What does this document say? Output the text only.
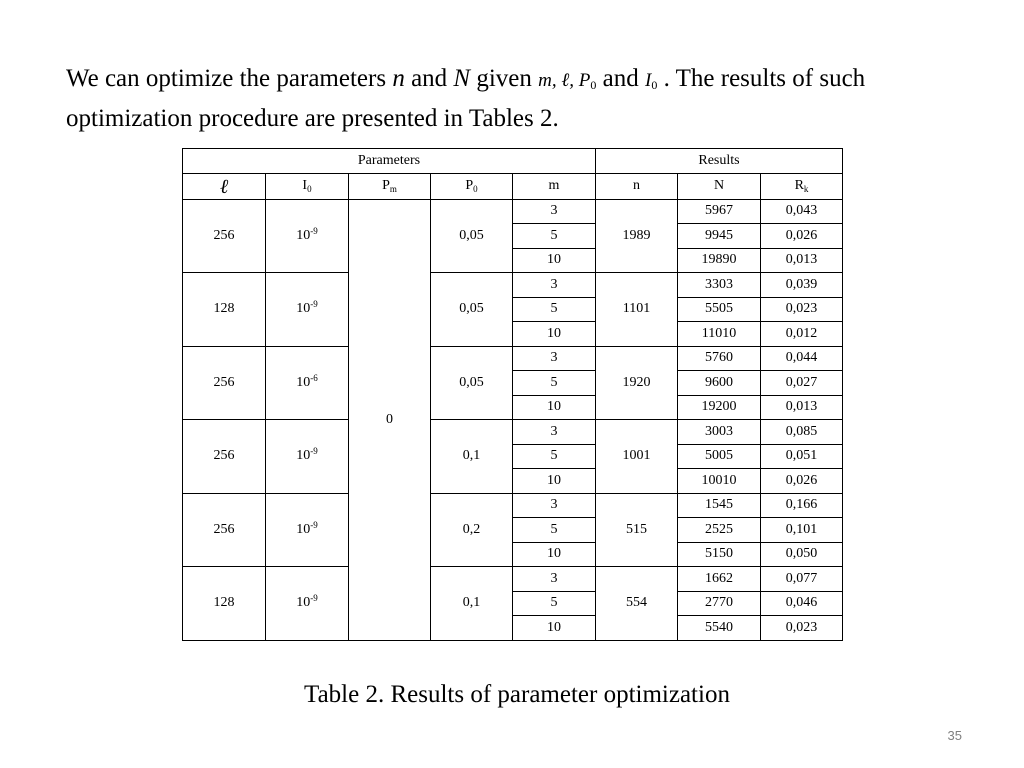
We can optimize the parameters n and N given m, ℓ, $P_0$ and $I_0$ . The results of such
optimization procedure are presented in Tables 2.
Parameters					Results		
ℓ	$I_0$	$P_m$	$P_0$	m	n	N	$R_k$
256	$10^{-9}$	0	0,05	3	1989	5967	0,043
				5		9945	0,026
				10		19890	0,013
128	$10^{-9}$		0,05	3	1101	3303	0,039
				5		5505	0,023
				10		11010	0,012
256	$10^{-6}$		0,05	3	1920	5760	0,044
				5		9600	0,027
				10		19200	0,013
256	$10^{-9}$		0,1	3	1001	3003	0,085
				5		5005	0,051
				10		10010	0,026
256	$10^{-9}$		0,2	3	515	1545	0,166
				5		2525	0,101
				10		5150	0,050
128	$10^{-9}$		0,1	3	554	1662	0,077
				5		2770	0,046
				10		5540	0,023
Table 2. Results of parameter optimization
35
